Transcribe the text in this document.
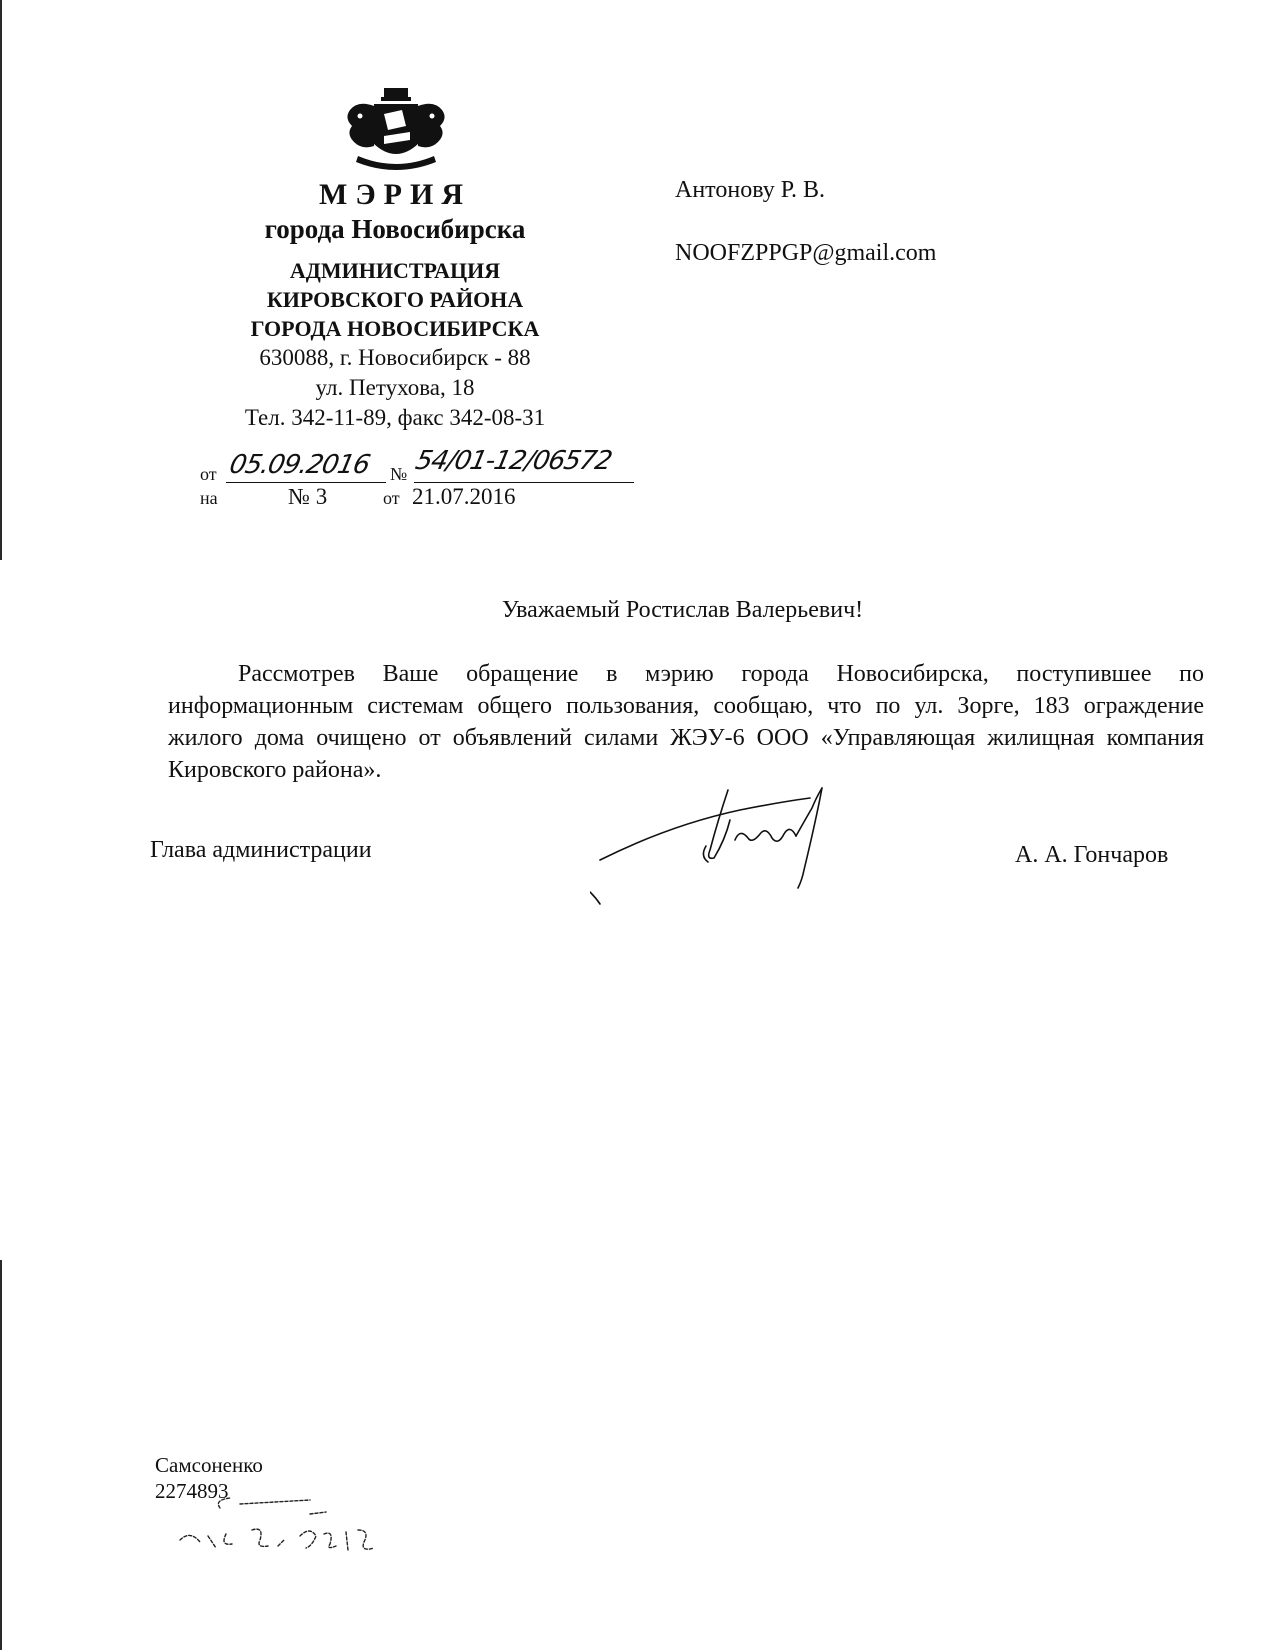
МЭРИЯ
города Новосибирска
АДМИНИСТРАЦИЯ
КИРОВСКОГО РАЙОНА
ГОРОДА НОВОСИБИРСКА
630088, г. Новосибирск - 88
ул. Петухова, 18
Тел. 342-11-89, факс 342-08-31
от 05.09.2016 № 54/01-12/06572
на	№ 3	от 21.07.2016
Антонову Р. В.
NOOFZPPGP@gmail.com
Уважаемый Ростислав Валерьевич!
Рассмотрев Ваше обращение в мэрию города Новосибирска, поступившее по информационным системам общего пользования, сообщаю, что по ул. Зорге, 183 ограждение жилого дома очищено от объявлений силами ЖЭУ-6 ООО «Управляющая жилищная компания Кировского района».
Глава администрации	А. А. Гончаров
Самсоненко
2274893
